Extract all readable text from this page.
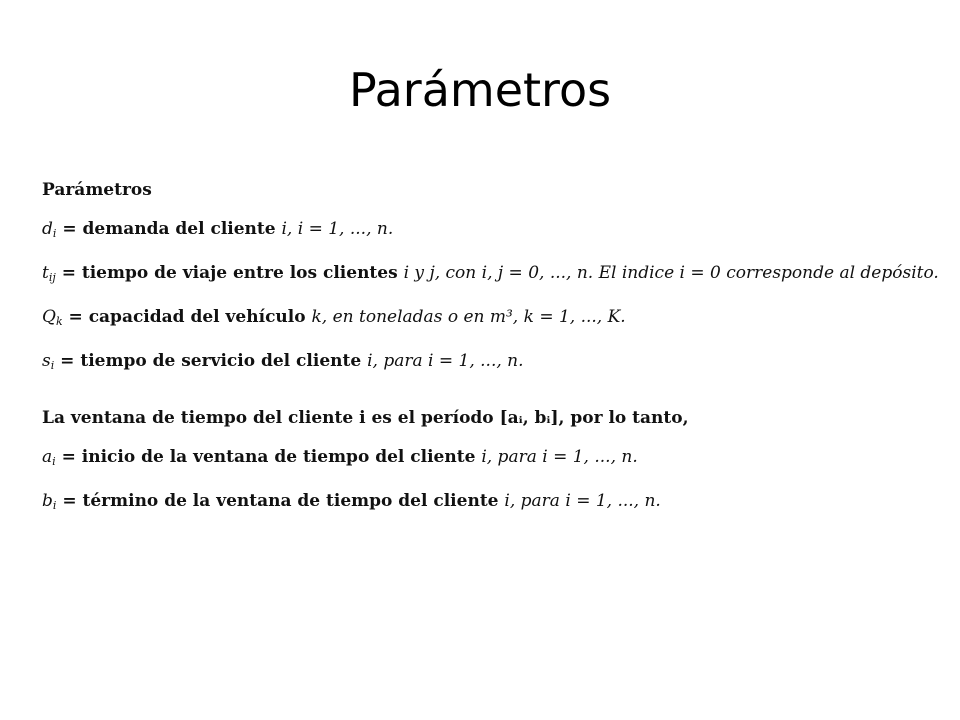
Parámetros
Parámetros
$d_i$ = demanda del cliente i, i = 1, ..., n.
$t_{ij}$ = tiempo de viaje entre los clientes i y j, con i, j = 0, ..., n. El indice i = 0 corresponde al depósito.
$Q_k$ = capacidad del vehículo k, en toneladas o en m³, k = 1, ..., K.
$s_i$ = tiempo de servicio del cliente i, para i = 1, ..., n.
La ventana de tiempo del cliente i es el período [aᵢ, bᵢ], por lo tanto,
$a_i$ = inicio de la ventana de tiempo del cliente i, para i = 1, ..., n.
$b_i$ = término de la ventana de tiempo del cliente i, para i = 1, ..., n.
